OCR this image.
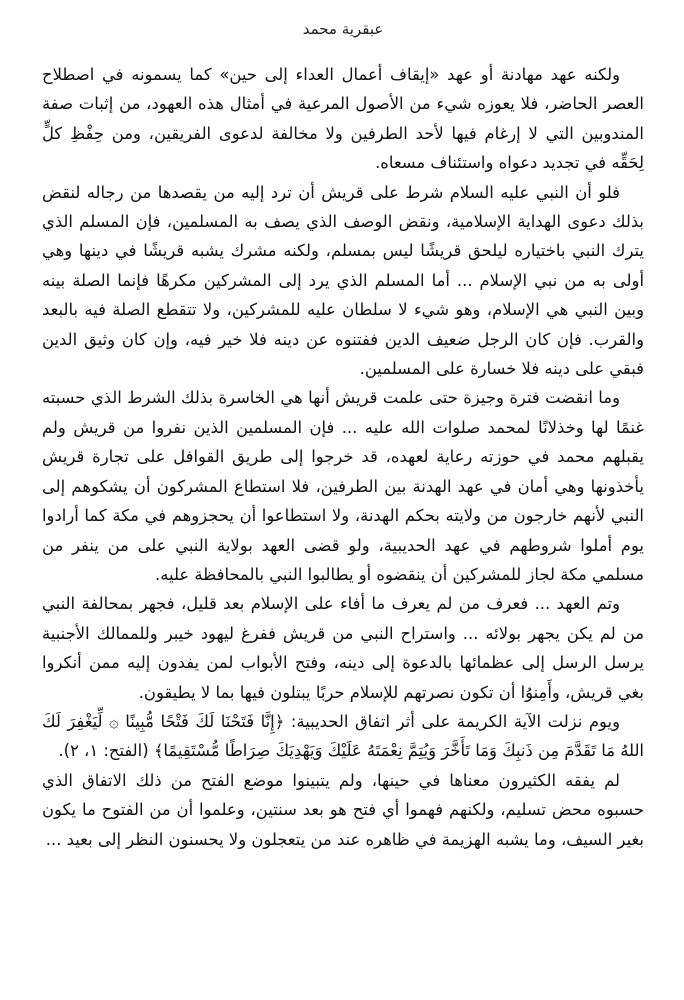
عبقرية محمد

ولكنه عهد مهادنة أو عهد «إيقاف أعمال العداء إلى حين» كما يسمونه في اصطلاح العصر الحاضر، فلا يعوزه شيء من الأصول المرعية في أمثال هذه العهود، من إثبات صفة المندوبين التي لا إرغام فيها لأحد الطرفين ولا مخالفة لدعوى الفريقين، ومن حِفْظِ كلٍّ لِحَقِّه في تجديد دعواه واستئناف مسعاه.

فلو أن النبي عليه السلام شرط على قريش أن ترد إليه من يقصدها من رجاله لنقض بذلك دعوى الهداية الإسلامية، ونقض الوصف الذي يصف به المسلمين، فإن المسلم الذي يترك النبي باختياره ليلحق قريشًا ليس بمسلم، ولكنه مشرك يشبه قريشًا في دينها وهي أولى به من نبي الإسلام ... أما المسلم الذي يرد إلى المشركين مكرهًا فإنما الصلة بينه وبين النبي هي الإسلام، وهو شيء لا سلطان عليه للمشركين، ولا تتقطع الصلة فيه بالبعد والقرب. فإن كان الرجل ضعيف الدين ففتنوه عن دينه فلا خير فيه، وإن كان وثيق الدين فبقي على دينه فلا خسارة على المسلمين.

وما انقضت فترة وجيزة حتى علمت قريش أنها هي الخاسرة بذلك الشرط الذي حسبته غنمًا لها وخذلانًا لمحمد صلوات الله عليه ... فإن المسلمين الذين نفروا من قريش ولم يقبلهم محمد في حوزته رعاية لعهده، قد خرجوا إلى طريق القوافل على تجارة قريش يأخذونها وهي أمان في عهد الهدنة بين الطرفين، فلا استطاع المشركون أن يشكوهم إلى النبي لأنهم خارجون من ولايته بحكم الهدنة، ولا استطاعوا أن يحجزوهم في مكة كما أرادوا يوم أملوا شروطهم في عهد الحديبية، ولو قضى العهد بولاية النبي على من ينفر من مسلمي مكة لجاز للمشركين أن ينقضوه أو يطالبوا النبي بالمحافظة عليه.

وتم العهد ... فعرف من لم يعرف ما أفاء على الإسلام بعد قليل، فجهر بمحالفة النبي من لم يكن يجهر بولائه ... واستراح النبي من قريش ففرغ ليهود خيبر وللممالك الأجنبية يرسل الرسل إلى عظمائها بالدعوة إلى دينه، وفتح الأبواب لمن يفدون إليه ممن أنكروا بغي قريش، وأَمِنوُا أن تكون نصرتهم للإسلام حربًا يبتلون فيها بما لا يطيقون.

ويوم نزلت الآية الكريمة على أثر اتفاق الحديبية: ﴿إِنَّا فَتَحْنَا لَكَ فَتْحًا مُّبِينًا ۞ لِّيَغْفِرَ لَكَ اللهُ مَا تَقَدَّمَ مِن ذَنبِكَ وَمَا تَأَخَّرَ وَيُتِمَّ نِعْمَتَهُ عَلَيْكَ وَيَهْدِيَكَ صِرَاطًا مُّسْتَقِيمًا﴾ (الفتح: ١، ٢).

لم يفقه الكثيرون معناها في حينها، ولم يتبينوا موضع الفتح من ذلك الاتفاق الذي حسبوه محض تسليم، ولكنهم فهموا أي فتح هو بعد سنتين، وعلموا أن من الفتوح ما يكون بغير السيف، وما يشبه الهزيمة في ظاهره عند من يتعجلون ولا يحسنون النظر إلى بعيد ...
